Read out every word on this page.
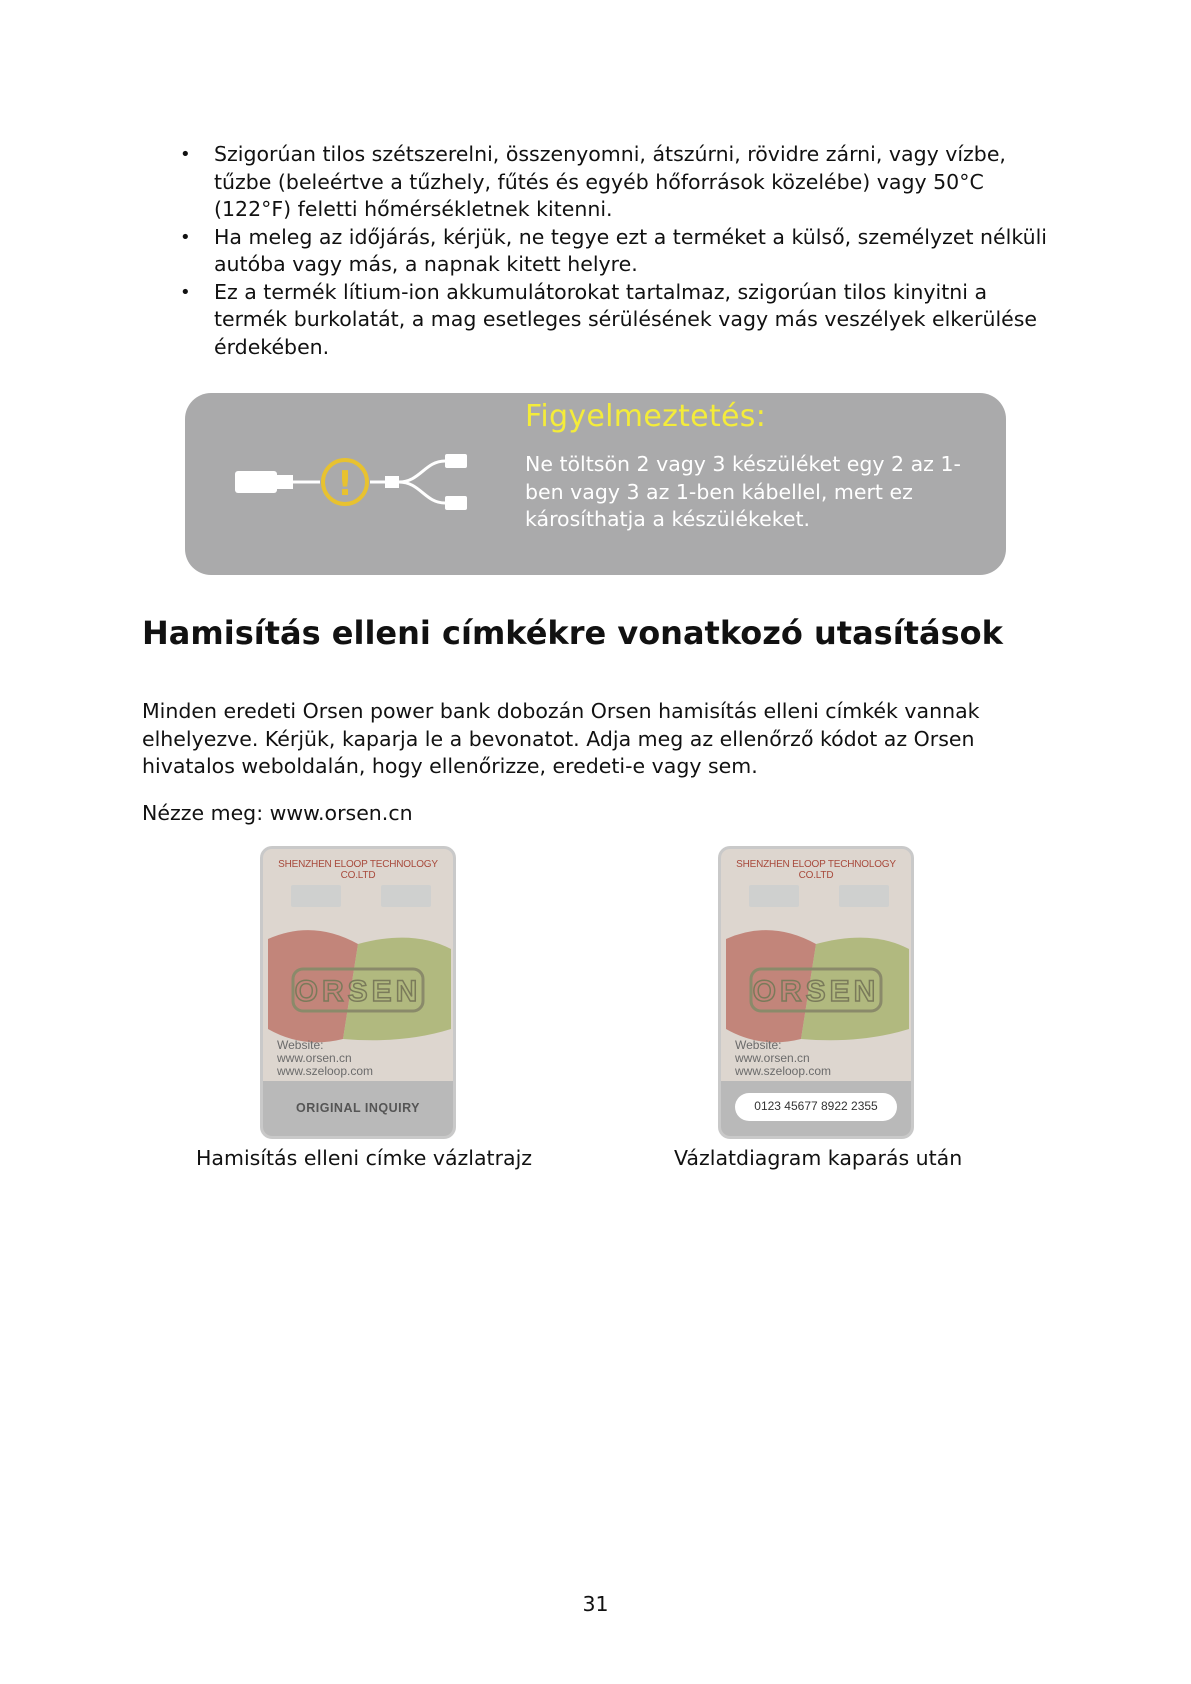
• Szigorúan tilos szétszerelni, összenyomni, átszúrni, rövidre zárni, vagy vízbe, tűzbe (beleértve a tűzhely, fűtés és egyéb hőforrások közelébe) vagy 50°C (122°F) feletti hőmérsékletnek kitenni.
• Ha meleg az időjárás, kérjük, ne tegye ezt a terméket a külső, személyzet nélküli autóba vagy más, a napnak kitett helyre.
• Ez a termék lítium-ion akkumulátorokat tartalmaz, szigorúan tilos kinyitni a termék burkolatát, a mag esetleges sérülésének vagy más veszélyek elkerülése érdekében.
!
Figyelmeztetés:
Ne töltsön 2 vagy 3 készüléket egy 2 az 1-ben vagy 3 az 1-ben kábellel, mert ez károsíthatja a készülékeket.
Hamisítás elleni címkékre vonatkozó utasítások

Minden eredeti Orsen power bank dobozán Orsen hamisítás elleni címkék vannak elhelyezve. Kérjük, kaparja le a bevonatot. Adja meg az ellenőrző kódot az Orsen hivatalos weboldalán, hogy ellenőrizze, eredeti-e vagy sem.

Nézze meg: www.orsen.cn

SHENZHEN ELOOP TECHNOLOGY CO.LTD
ORSEN
Website:
www.orsen.cn
www.szeloop.com
ORIGINAL INQUIRY
Hamisítás elleni címke vázlatrajz
SHENZHEN ELOOP TECHNOLOGY CO.LTD
ORSEN
Website:
www.orsen.cn
www.szeloop.com
0123 45677 8922 2355
Vázlatdiagram kaparás után
31
